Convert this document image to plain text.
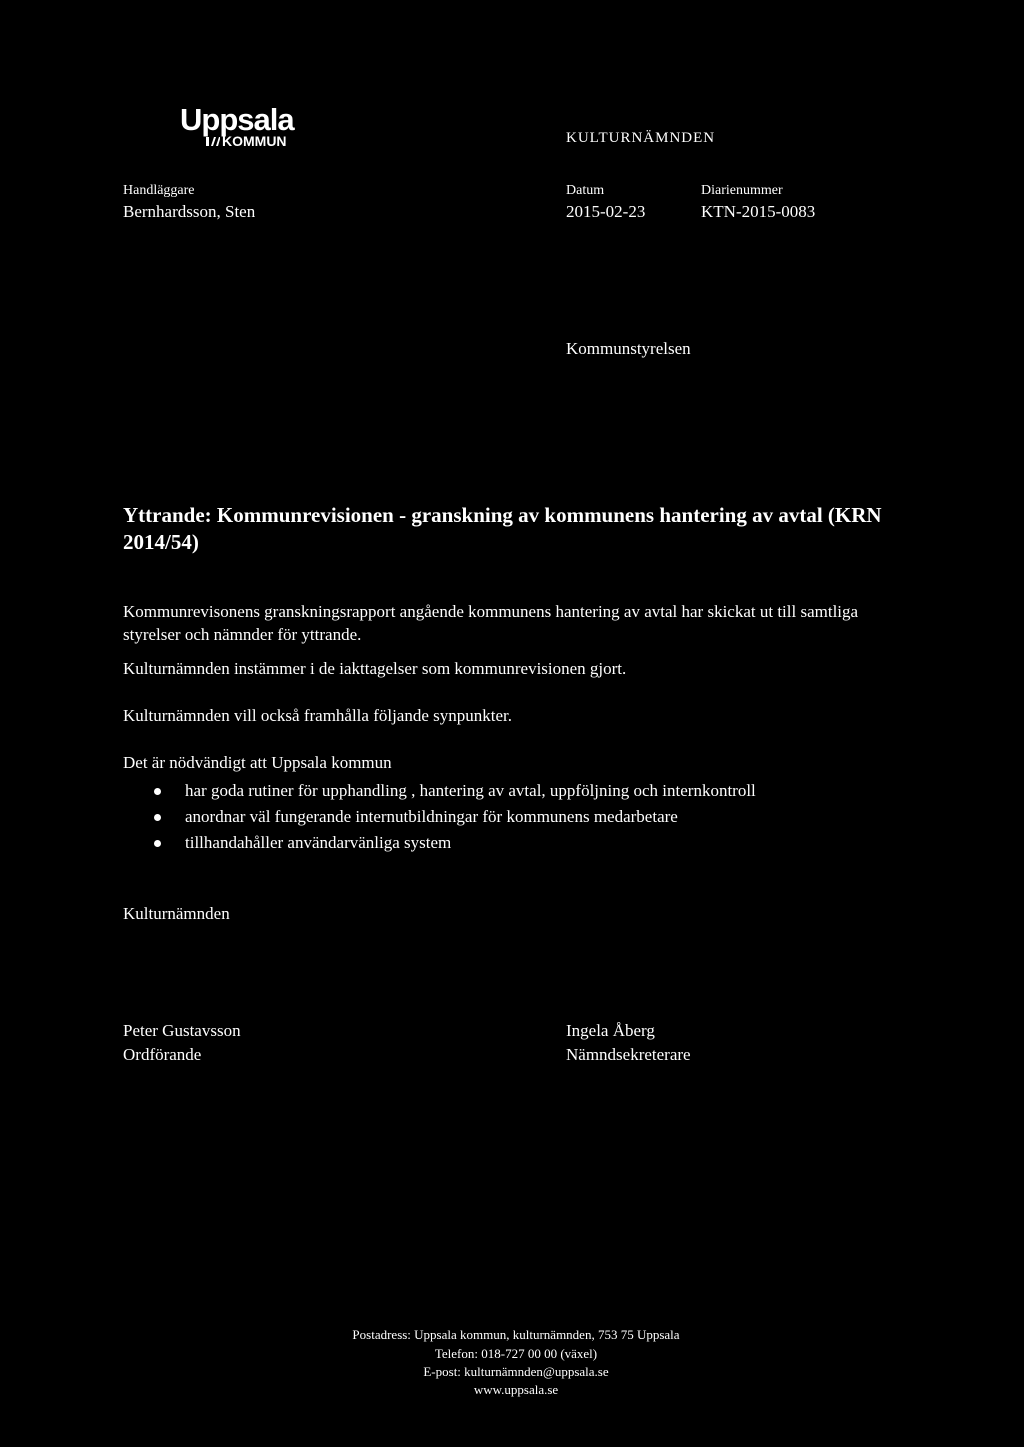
Uppsala
KOMMUN	KULTURNÄMNDEN
Handläggare
Bernhardsson, Sten
Datum
2015-02-23
Diarienummer
KTN-2015-0083
Kommunstyrelsen
Yttrande: Kommunrevisionen - granskning av kommunens hantering av avtal (KRN 2014/54)
Kommunrevisonens granskningsrapport angående kommunens hantering av avtal har skickat ut till samtliga styrelser och nämnder för yttrande.
Kulturnämnden instämmer i de iakttagelser som kommunrevisionen gjort.
Kulturnämnden vill också framhålla följande synpunkter.
Det är nödvändigt att Uppsala kommun
har goda rutiner för upphandling , hantering av avtal, uppföljning och internkontroll
anordnar väl fungerande internutbildningar för kommunens medarbetare
tillhandahåller användarvänliga system
Kulturnämnden
Peter Gustavsson
Ordförande
Ingela Åberg
Nämndsekreterare
Postadress: Uppsala kommun, kulturnämnden, 753 75 Uppsala
Telefon: 018-727 00 00 (växel)
E-post: kulturnämnden@uppsala.se
www.uppsala.se
